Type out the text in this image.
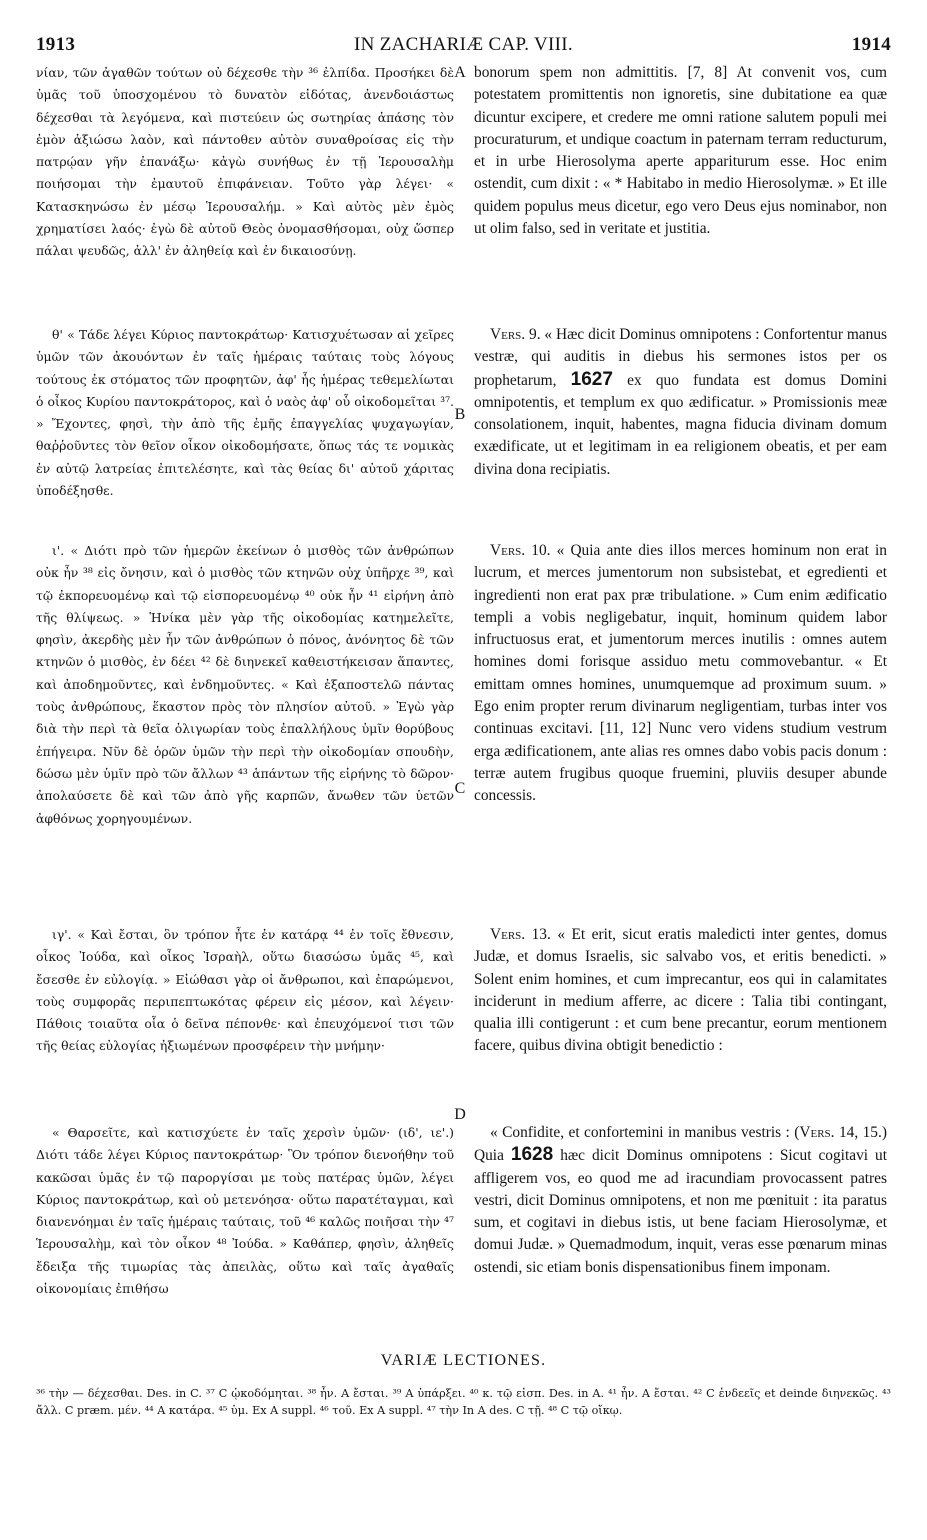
1913	IN ZACHARIÆ CAP. VIII.	1914

νίαν, τῶν ἀγαθῶν τούτων οὐ δέχεσθε τὴν ³⁶ ἐλπίδα. Προσήκει δὲ ὑμᾶς τοῦ ὑποσχομένου τὸ δυνατὸν εἰδότας, ἀνενδοιάστως δέχεσθαι τὰ λεγόμενα, καὶ πιστεύειν ὡς σωτηρίας ἁπάσης τὸν ἐμὸν ἀξιώσω λαὸν, καὶ πάντοθεν αὐτὸν συναθροίσας εἰς τὴν πατρῴαν γῆν ἐπανάξω· κἀγὼ συνήθως ἐν τῇ Ἱερουσαλὴμ ποιήσομαι τὴν ἐμαυτοῦ ἐπιφάνειαν. Τοῦτο γὰρ λέγει· « Κατασκηνώσω ἐν μέσῳ Ἱερουσαλήμ. » Καὶ αὐτὸς μὲν ἐμὸς χρηματίσει λαός· ἐγὼ δὲ αὐτοῦ Θεὸς ὀνομασθήσομαι, οὐχ ὥσπερ πάλαι ψευδῶς, ἀλλ' ἐν ἀληθείᾳ καὶ ἐν δικαιοσύνῃ.

θ' « Τάδε λέγει Κύριος παντοκράτωρ· Κατισχυέτωσαν αἱ χεῖρες ὑμῶν τῶν ἀκουόντων ἐν ταῖς ἡμέραις ταύταις τοὺς λόγους τούτους ἐκ στόματος τῶν προφητῶν, ἀφ' ἧς ἡμέρας τεθεμελίωται ὁ οἶκος Κυρίου παντοκράτορος, καὶ ὁ ναὸς ἀφ' οὗ οἰκοδομεῖται ³⁷. » Ἔχοντες, φησὶ, τὴν ἀπὸ τῆς ἐμῆς ἐπαγγελίας ψυχαγωγίαν, θαῤῥοῦντες τὸν θεῖον οἶκον οἰκοδομήσατε, ὅπως τάς τε νομικὰς ἐν αὐτῷ λατρείας ἐπιτελέσητε, καὶ τὰς θείας δι' αὐτοῦ χάριτας ὑποδέξησθε.

ι'. « Διότι πρὸ τῶν ἡμερῶν ἐκείνων ὁ μισθὸς τῶν ἀνθρώπων οὐκ ἦν ³⁸ εἰς ὄνησιν, καὶ ὁ μισθὸς τῶν κτηνῶν οὐχ ὑπῆρχε ³⁹, καὶ τῷ ἐκπορευομένῳ καὶ τῷ εἰσπορευομένῳ ⁴⁰ οὐκ ἦν ⁴¹ εἰρήνη ἀπὸ τῆς θλίψεως. » Ἡνίκα μὲν γὰρ τῆς οἰκοδομίας κατημελεῖτε, φησὶν, ἀκερδὴς μὲν ἦν τῶν ἀνθρώπων ὁ πόνος, ἀνόνητος δὲ τῶν κτηνῶν ὁ μισθὸς, ἐν δέει ⁴² δὲ διηνεκεῖ καθειστήκεισαν ἅπαντες, καὶ ἀποδημοῦντες, καὶ ἐνδημοῦντες. « Καὶ ἐξαποστελῶ πάντας τοὺς ἀνθρώπους, ἕκαστον πρὸς τὸν πλησίον αὐτοῦ. » Ἐγὼ γὰρ διὰ τὴν περὶ τὰ θεῖα ὀλιγωρίαν τοὺς ἐπαλλήλους ὑμῖν θορύβους ἐπήγειρα. Νῦν δὲ ὁρῶν ὑμῶν τὴν περὶ τὴν οἰκοδομίαν σπουδὴν, δώσω μὲν ὑμῖν πρὸ τῶν ἄλλων ⁴³ ἁπάντων τῆς εἰρήνης τὸ δῶρον· ἀπολαύσετε δὲ καὶ τῶν ἀπὸ γῆς καρπῶν, ἄνωθεν τῶν ὑετῶν ἀφθόνως χορηγουμένων.

ιγ'. « Καὶ ἔσται, ὃν τρόπον ἦτε ἐν κατάρᾳ ⁴⁴ ἐν τοῖς ἔθνεσιν, οἶκος Ἰούδα, καὶ οἶκος Ἰσραὴλ, οὕτω διασώσω ὑμᾶς ⁴⁵, καὶ ἔσεσθε ἐν εὐλογίᾳ. » Εἰώθασι γὰρ οἱ ἄνθρωποι, καὶ ἐπαρώμενοι, τοὺς συμφορᾶς περιπεπτωκότας φέρειν εἰς μέσον, καὶ λέγειν· Πάθοις τοιαῦτα οἷα ὁ δεῖνα πέπονθε· καὶ ἐπευχόμενοί τισι τῶν τῆς θείας εὐλογίας ἠξιωμένων προσφέρειν τὴν μνήμην·

« Θαρσεῖτε, καὶ κατισχύετε ἐν ταῖς χερσὶν ὑμῶν· (ιδ', ιε'.) Διότι τάδε λέγει Κύριος παντοκράτωρ· Ὃν τρόπον διενοήθην τοῦ κακῶσαι ὑμᾶς ἐν τῷ παροργίσαι με τοὺς πατέρας ὑμῶν, λέγει Κύριος παντοκράτωρ, καὶ οὐ μετενόησα· οὕτω παρατέταγμαι, καὶ διανενόημαι ἐν ταῖς ἡμέραις ταύταις, τοῦ ⁴⁶ καλῶς ποιῆσαι τὴν ⁴⁷ Ἱερουσαλὴμ, καὶ τὸν οἶκον ⁴⁸ Ἰούδα. » Καθάπερ, φησὶν, ἀληθεῖς ἔδειξα τῆς τιμωρίας τὰς ἀπειλὰς, οὕτω καὶ ταῖς ἀγαθαῖς οἰκονομίαις ἐπιθήσω

A
B
C
D

bonorum spem non admittitis. [7, 8] At convenit vos, cum potestatem promittentis non ignoretis, sine dubitatione ea quæ dicuntur excipere, et credere me omni ratione salutem populi mei procuraturum, et undique coactum in paternam terram reducturum, et in urbe Hierosolyma aperte appariturum esse. Hoc enim ostendit, cum dixit : « * Habitabo in medio Hierosolymæ. » Et ille quidem populus meus dicetur, ego vero Deus ejus nominabor, non ut olim falso, sed in veritate et justitia.

Vers. 9. « Hæc dicit Dominus omnipotens : Confortentur manus vestræ, qui auditis in diebus his sermones istos per os prophetarum, 1627 ex quo fundata est domus Domini omnipotentis, et templum ex quo ædificatur. » Promissionis meæ consolationem, inquit, habentes, magna fiducia divinam domum exædificate, ut et legitimam in ea religionem obeatis, et per eam divina dona recipiatis.

Vers. 10. « Quia ante dies illos merces hominum non erat in lucrum, et merces jumentorum non subsistebat, et egredienti et ingredienti non erat pax præ tribulatione. » Cum enim ædificatio templi a vobis negligebatur, inquit, hominum quidem labor infructuosus erat, et jumentorum merces inutilis : omnes autem homines domi forisque assiduo metu commovebantur. « Et emittam omnes homines, unumquemque ad proximum suum. » Ego enim propter rerum divinarum negligentiam, turbas inter vos continuas excitavi. [11, 12] Nunc vero videns studium vestrum erga ædificationem, ante alias res omnes dabo vobis pacis donum : terræ autem frugibus quoque fruemini, pluviis desuper abunde concessis.

Vers. 13. « Et erit, sicut eratis maledicti inter gentes, domus Judæ, et domus Israelis, sic salvabo vos, et eritis benedicti. » Solent enim homines, et cum imprecantur, eos qui in calamitates inciderunt in medium afferre, ac dicere : Talia tibi contingant, qualia illi contigerunt : et cum bene precantur, eorum mentionem facere, quibus divina obtigit benedictio :

« Confidite, et confortemini in manibus vestris : (Vers. 14, 15.) Quia 1628 hæc dicit Dominus omnipotens : Sicut cogitavi ut affligerem vos, eo quod me ad iracundiam provocassent patres vestri, dicit Dominus omnipotens, et non me pœnituit : ita paratus sum, et cogitavi in diebus istis, ut bene faciam Hierosolymæ, et domui Judæ. » Quemadmodum, inquit, veras esse pœnarum minas ostendi, sic etiam bonis dispensationibus finem imponam.

VARIÆ LECTIONES.
³⁶ τὴν — δέχεσθαι. Des. in C. ³⁷ C ᾠκοδόμηται. ³⁸ ἦν. A ἔσται. ³⁹ A ὑπάρξει. ⁴⁰ κ. τῷ εἰσπ. Des. in A. ⁴¹ ἦν. A ἔσται. ⁴² C ἐνδεεῖς et deinde διηνεκῶς. ⁴³ ἄλλ. C præm. μέν. ⁴⁴ A κατάρα. ⁴⁵ ὑμ. Ex A suppl. ⁴⁶ τοῦ. Ex A suppl. ⁴⁷ τὴν In A des. C τῇ. ⁴⁸ C τῷ οἴκῳ.
